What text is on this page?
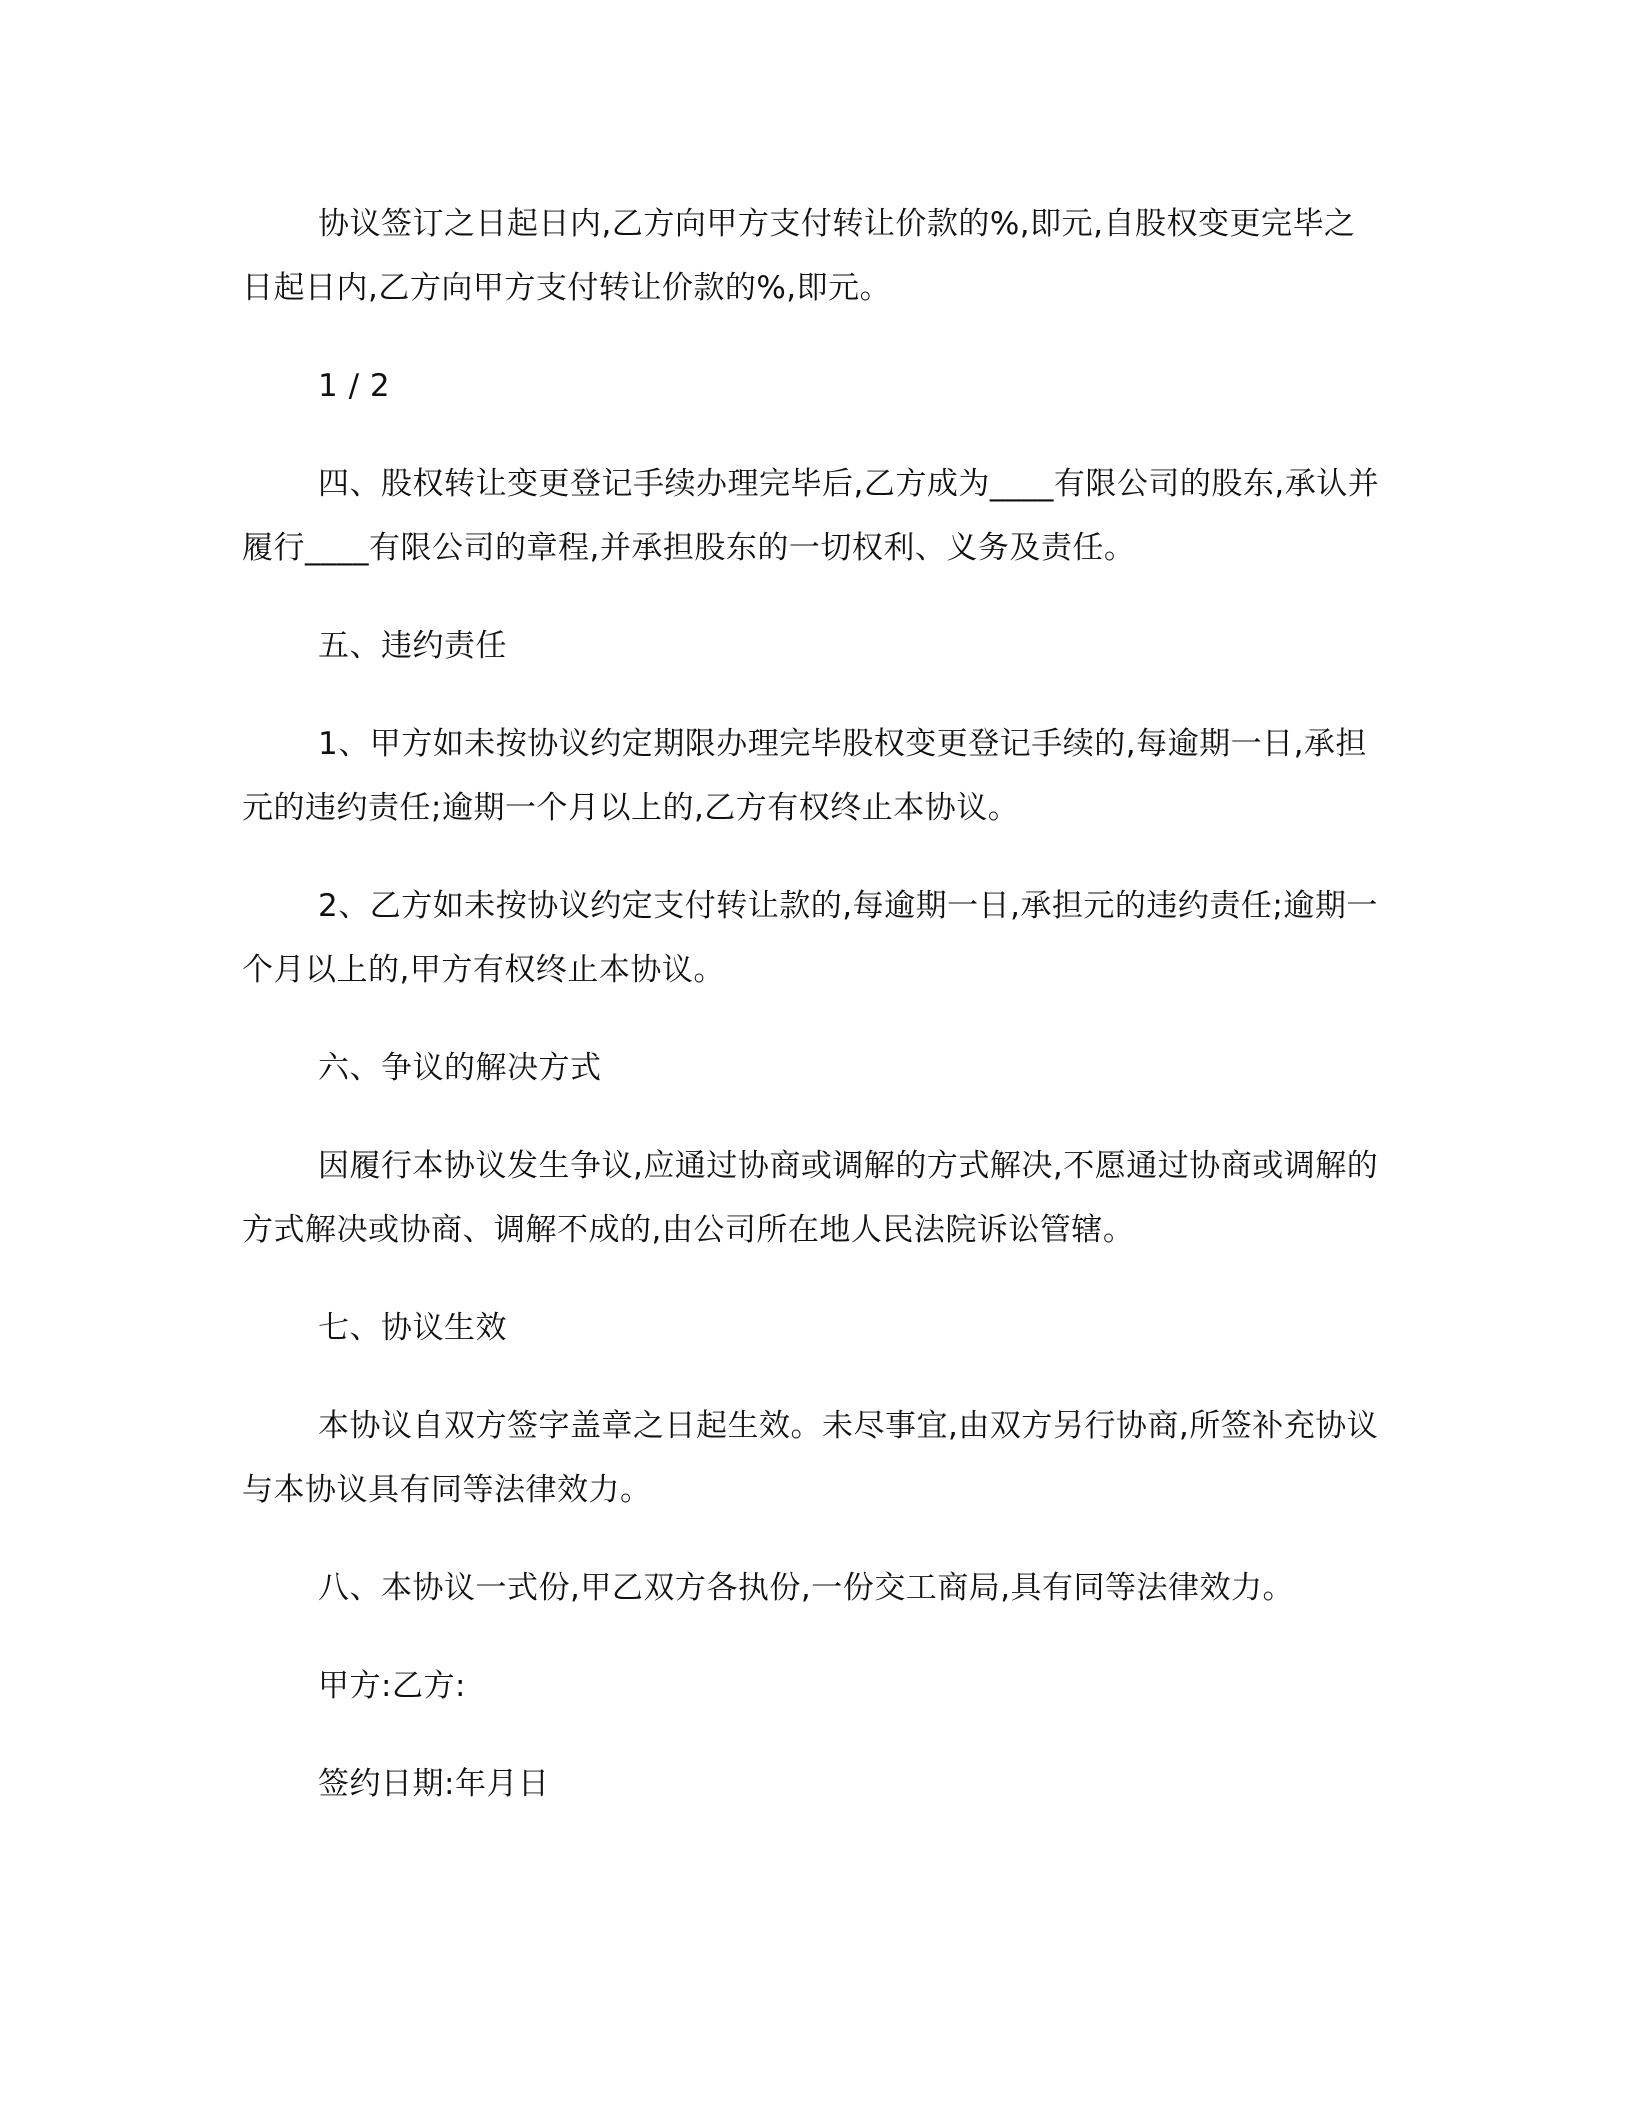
协议签订之日起日内,乙方向甲方支付转让价款的%,即元,自股权变更完毕之日起日内,乙方向甲方支付转让价款的%,即元。

1 / 2

四、股权转让变更登记手续办理完毕后,乙方成为____有限公司的股东,承认并履行____有限公司的章程,并承担股东的一切权利、义务及责任。

五、违约责任

1、甲方如未按协议约定期限办理完毕股权变更登记手续的,每逾期一日,承担元的违约责任;逾期一个月以上的,乙方有权终止本协议。

2、乙方如未按协议约定支付转让款的,每逾期一日,承担元的违约责任;逾期一个月以上的,甲方有权终止本协议。

六、争议的解决方式

因履行本协议发生争议,应通过协商或调解的方式解决,不愿通过协商或调解的方式解决或协商、调解不成的,由公司所在地人民法院诉讼管辖。

七、协议生效

本协议自双方签字盖章之日起生效。未尽事宜,由双方另行协商,所签补充协议与本协议具有同等法律效力。

八、本协议一式份,甲乙双方各执份,一份交工商局,具有同等法律效力。

甲方:乙方:

签约日期:年月日
